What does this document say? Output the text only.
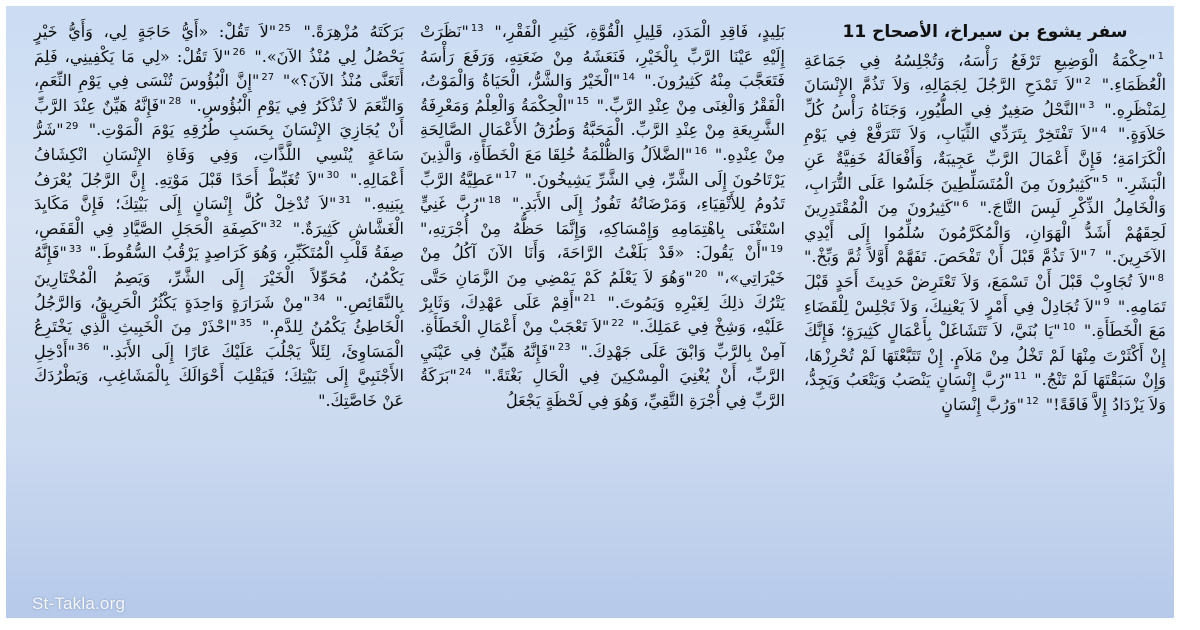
سفر يشوع بن سيراخ، الأصحاح 11
$^1$"حِكْمَةُ الْوَضِيعِ تَرْفَعُ رَأْسَهُ، وَتُجْلِسُهُ فِي جَمَاعَةِ الْعُظَمَاءِ." $^2$"لاَ تَمْدَحِ الرَّجُلَ لِجَمَالِهِ، وَلاَ تَذُمَّ الإِنْسَانَ لِمَنْظَرِهِ." $^3$"النَّحْلُ صَغِيرٌ فِي الطُّيُورِ، وَجَنَاهُ رَأْسُ كُلِّ حَلاَوَةٍ." $^4$"لاَ تَفْتَخِرْ بِتَرَدِّي الثِّيَابِ، وَلاَ تَتَرَفَّعْ فِي يَوْمِ الْكَرَامَةِ؛ فَإِنَّ أَعْمَالَ الرَّبِّ عَجِيبَةٌ، وَأَفْعَالَهُ خَفِيَّةٌ عَنِ الْبَشَرِ." $^5$"كَثِيرُونَ مِنَ الْمُتَسَلِّطِينَ جَلَسُوا عَلَى التُّرَابِ، وَالْخَامِلُ الذِّكْرِ لَبِسَ التَّاجَ." $^6$"كَثِيرُونَ مِنَ الْمُقْتَدِرِينَ لَحِقَهُمْ أَشَدُّ الْهَوَانِ، وَالْمُكَرَّمُونَ سُلِّمُوا إِلَى أَيْدِي الآخَرِينَ." $^7$"لاَ تَذُمَّ قَبْلَ أَنْ تَفْحَصَ. تَفَهَّمْ أَوَّلاً ثُمَّ وَبِّخْ." $^8$"لاَ تُجَاوِبْ قَبْلَ أَنْ تَسْمَعَ، وَلاَ تَعْتَرِضْ حَدِيثَ أَحَدٍ قَبْلَ تَمَامِهِ." $^9$"لاَ تُجَادِلْ فِي أَمْرٍ لاَ يَعْنِيكَ، وَلاَ تَجْلِسْ لِلْقَضَاءِ مَعَ الْخَطَأَةِ." $^{10}$"يَا بُنَيَّ، لاَ تَتَشَاغَلْ بِأَعْمَالٍ كَثِيرَةٍ؛ فَإِنَّكَ إِنْ أَكْثَرْتَ مِنْهَا لَمْ تَخْلُ مِنْ مَلاَمٍ. إِنْ تَتَبَّعْتَهَا لَمْ تُحْرِزْهَا، وَإِنْ سَبَقْتَهَا لَمْ تَنْجُ." $^{11}$"رُبَّ إِنْسَانٍ يَنْصَبُ وَيَتْعَبُ وَيَجِدُّ، وَلاَ يَزْدَادُ إِلاَّ فَاقَةً!" $^{12}$"وَرُبَّ إِنْسَانٍ
بَلِيدٍ، فَاقِدِ الْمَدَدِ، قَلِيلِ الْقُوَّةِ، كَثِيرِ الْفَقْرِ،" $^{13}$"نَظَرَتْ إِلَيْهِ عَيْنَا الرَّبِّ بِالْخَيْرِ، فَنَعَشَهُ مِنْ ضَعَتِهِ، وَرَفَعَ رَأْسَهُ فَتَعَجَّبَ مِنْهُ كَثِيرُونَ." $^{14}$"الْخَيْرُ وَالشَّرُّ، الْحَيَاةُ وَالْمَوْتُ، الْفَقْرُ وَالْغِنَى مِنْ عِنْدِ الرَّبِّ." $^{15}$"الْحِكْمَةُ وَالْعِلْمُ وَمَعْرِفَةُ الشَّرِيعَةِ مِنْ عِنْدِ الرَّبِّ. الْمَحَبَّةُ وَطُرُقُ الأَعْمَالِ الصَّالِحَةِ مِنْ عِنْدِهِ." $^{16}$"الضَّلاَلُ وَالظُّلْمَةُ خُلِقَا مَعَ الْخَطَأَةِ، وَالَّذِينَ يَرْتَاحُونَ إِلَى الشَّرِّ، فِي الشَّرِّ يَشِيخُونَ." $^{17}$"عَطِيَّةُ الرَّبِّ تَدُومُ لِلأَتْقِيَاءِ، وَمَرْضَاتُهُ تَفُوزُ إِلَى الأَبَدِ." $^{18}$"رُبَّ غَنِيٍّ اسْتَغْنَى بِاهْتِمَامِهِ وَإِمْسَاكِهِ، وَإِنَّمَا حَظُّهُ مِنْ أُجْرَتِهِ،" $^{19}$"أَنْ يَقُولَ: «قَدْ بَلَغْتُ الرَّاحَةَ، وَأَنَا الآنَ آكُلُ مِنْ خَيْرَاتِي»،" $^{20}$"وَهُوَ لاَ يَعْلَمُ كَمْ يَمْضِي مِنَ الزَّمَانِ حَتَّى يَتْرُكَ ذلِكَ لِغَيْرِهِ وَيَمُوتَ." $^{21}$"أَقِمْ عَلَى عَهْدِكَ، وَثَابِرْ عَلَيْهِ، وَشِخْ فِي عَمَلِكَ." $^{22}$"لاَ تَعْجَبْ مِنْ أَعْمَالِ الْخَطَأَةِ. آمِنْ بِالرَّبِّ وَابْقَ عَلَى جَهْدِكَ." $^{23}$"فَإِنَّهُ هَيِّنٌ فِي عَيْنَيِ الرَّبِّ، أَنْ يُغْنِيَ الْمِسْكِينَ فِي الْحَالِ بَغْتَةً." $^{24}$"بَرَكَةُ الرَّبِّ فِي أُجْرَةِ التَّقِيِّ، وَهُوَ فِي لَحْظَةٍ يَجْعَلُ
بَرَكَتَهُ مُزْهِرَةً." $^{25}$"لاَ تَقُلْ: «أَيُّ حَاجَةٍ لِي، وَأَيُّ خَيْرٍ يَحْصُلُ لِي مُنْذُ الآنَ»." $^{26}$"لاَ تَقُلْ: «لِي مَا يَكْفِينِي، فَلِمَ أَتَعَنَّى مُنْذُ الآنَ؟»" $^{27}$"إِنَّ الْبُؤُوسَ تُنْسَى فِي يَوْمِ النِّعَمِ، وَالنِّعَمَ لاَ تُذْكَرُ فِي يَوْمِ الْبُؤُوسِ." $^{28}$"فَإِنَّهُ هَيِّنٌ عِنْدَ الرَّبِّ أَنْ يُجَازِيَ الإِنْسَانَ بِحَسَبِ طُرُقِهِ يَوْمَ الْمَوْتِ." $^{29}$"شَرُّ سَاعَةٍ يُنْسِي اللَّذَّاتِ، وَفِي وَفَاةِ الإِنْسَانِ انْكِشَافُ أَعْمَالِهِ." $^{30}$"لاَ تُغَبِّطْ أَحَدًا قَبْلَ مَوْتِهِ. إِنَّ الرَّجُلَ يُعْرَفُ بِبَنِيهِ." $^{31}$"لاَ تُدْخِلْ كُلَّ إِنْسَانٍ إِلَى بَيْتِكَ؛ فَإِنَّ مَكَايِدَ الْغَشَّاشِ كَثِيرَةٌ." $^{32}$"كَصِفَةِ الْحَجَلِ الصَّيَّادِ فِي الْقَفَصِ، صِفَةُ قَلْبِ الْمُتَكَبِّرِ، وَهُوَ كَرَاصِدٍ يَرْقُبُ السُّقُوطَ." $^{33}$"فَإِنَّهُ يَكْمُنُ، مُحَوِّلاً الْخَيْرَ إِلَى الشَّرِّ، وَيَصِمُ الْمُخْتَارِينَ بِالنَّقَائِصِ." $^{34}$"مِنْ شَرَارَةٍ وَاحِدَةٍ يَكْثُرُ الْحَرِيقُ، وَالرَّجُلُ الْخَاطِئُ يَكْمُنُ لِلدَّمِ." $^{35}$"احْذَرْ مِنَ الْخَبِيثِ الَّذِي يَخْتَرِعُ الْمَسَاوِئَ، لِئَلاَّ يَجْلُبَ عَلَيْكَ عَارًا إِلَى الأَبَدِ." $^{36}$"أَدْخِلِ الأَجْنَبِيَّ إِلَى بَيْتِكَ؛ فَيَقْلِبَ أَحْوَالَكَ بِالْمَشَاغِبِ، وَيَطْرُدَكَ عَنْ خَاصَّتِكَ."
St-Takla.org
